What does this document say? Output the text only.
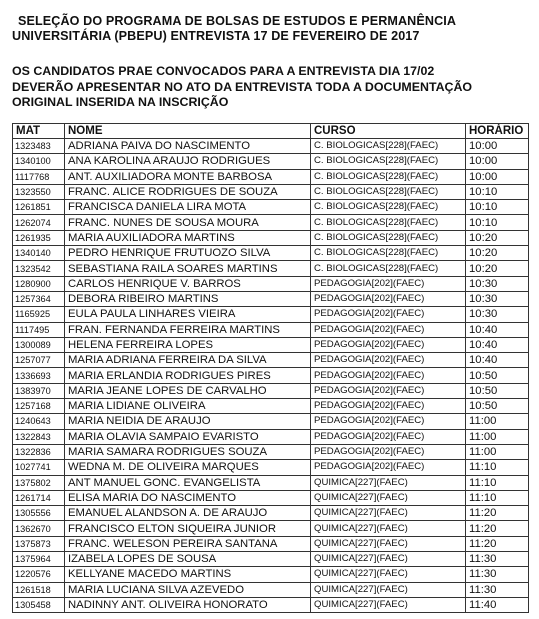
SELEÇÃO DO PROGRAMA DE BOLSAS DE ESTUDOS E PERMANÊNCIA
UNIVERSITÁRIA (PBEPU) ENTREVISTA 17 DE FEVEREIRO DE 2017
OS CANDIDATOS PRAE CONVOCADOS PARA A ENTREVISTA DIA 17/02
DEVERÃO APRESENTAR NO ATO DA ENTREVISTA TODA A DOCUMENTAÇÃO
ORIGINAL INSERIDA NA INSCRIÇÃO
MAT	NOME	CURSO	HORÁRIO
1323483	ADRIANA PAIVA DO NASCIMENTO	C. BIOLOGICAS[228](FAEC)	10:00
1340100	ANA KAROLINA ARAUJO RODRIGUES	C. BIOLOGICAS[228](FAEC)	10:00
1117768	ANT. AUXILIADORA MONTE BARBOSA	C. BIOLOGICAS[228](FAEC)	10:00
1323550	FRANC. ALICE RODRIGUES DE SOUZA	C. BIOLOGICAS[228](FAEC)	10:10
1261851	FRANCISCA DANIELA LIRA MOTA	C. BIOLOGICAS[228](FAEC)	10:10
1262074	FRANC. NUNES DE SOUSA MOURA	C. BIOLOGICAS[228](FAEC)	10:10
1261935	MARIA AUXILIADORA MARTINS	C. BIOLOGICAS[228](FAEC)	10:20
1340140	PEDRO HENRIQUE FRUTUOZO SILVA	C. BIOLOGICAS[228](FAEC)	10:20
1323542	SEBASTIANA RAILA SOARES MARTINS	C. BIOLOGICAS[228](FAEC)	10:20
1280900	CARLOS HENRIQUE V. BARROS	PEDAGOGIA[202](FAEC)	10:30
1257364	DEBORA RIBEIRO MARTINS	PEDAGOGIA[202](FAEC)	10:30
1165925	EULA PAULA LINHARES VIEIRA	PEDAGOGIA[202](FAEC)	10:30
1117495	FRAN. FERNANDA FERREIRA MARTINS	PEDAGOGIA[202](FAEC)	10:40
1300089	HELENA FERREIRA LOPES	PEDAGOGIA[202](FAEC)	10:40
1257077	MARIA ADRIANA FERREIRA DA SILVA	PEDAGOGIA[202](FAEC)	10:40
1336693	MARIA ERLANDIA RODRIGUES PIRES	PEDAGOGIA[202](FAEC)	10:50
1383970	MARIA JEANE LOPES DE CARVALHO	PEDAGOGIA[202](FAEC)	10:50
1257168	MARIA LIDIANE OLIVEIRA	PEDAGOGIA[202](FAEC)	10:50
1240643	MARIA NEIDIA DE ARAUJO	PEDAGOGIA[202](FAEC)	11:00
1322843	MARIA OLAVIA SAMPAIO EVARISTO	PEDAGOGIA[202](FAEC)	11:00
1322836	MARIA SAMARA RODRIGUES SOUZA	PEDAGOGIA[202](FAEC)	11:00
1027741	WEDNA M. DE OLIVEIRA MARQUES	PEDAGOGIA[202](FAEC)	11:10
1375802	ANT MANUEL GONC. EVANGELISTA	QUIMICA[227](FAEC)	11:10
1261714	ELISA MARIA DO NASCIMENTO	QUIMICA[227](FAEC)	11:10
1305556	EMANUEL ALANDSON A. DE ARAUJO	QUIMICA[227](FAEC)	11:20
1362670	FRANCISCO ELTON SIQUEIRA JUNIOR	QUIMICA[227](FAEC)	11:20
1375873	FRANC. WELESON PEREIRA SANTANA	QUIMICA[227](FAEC)	11:20
1375964	IZABELA LOPES DE SOUSA	QUIMICA[227](FAEC)	11:30
1220576	KELLYANE MACEDO MARTINS	QUIMICA[227](FAEC)	11:30
1261518	MARIA LUCIANA SILVA AZEVEDO	QUIMICA[227](FAEC)	11:30
1305458	NADINNY ANT. OLIVEIRA HONORATO	QUIMICA[227](FAEC)	11:40
